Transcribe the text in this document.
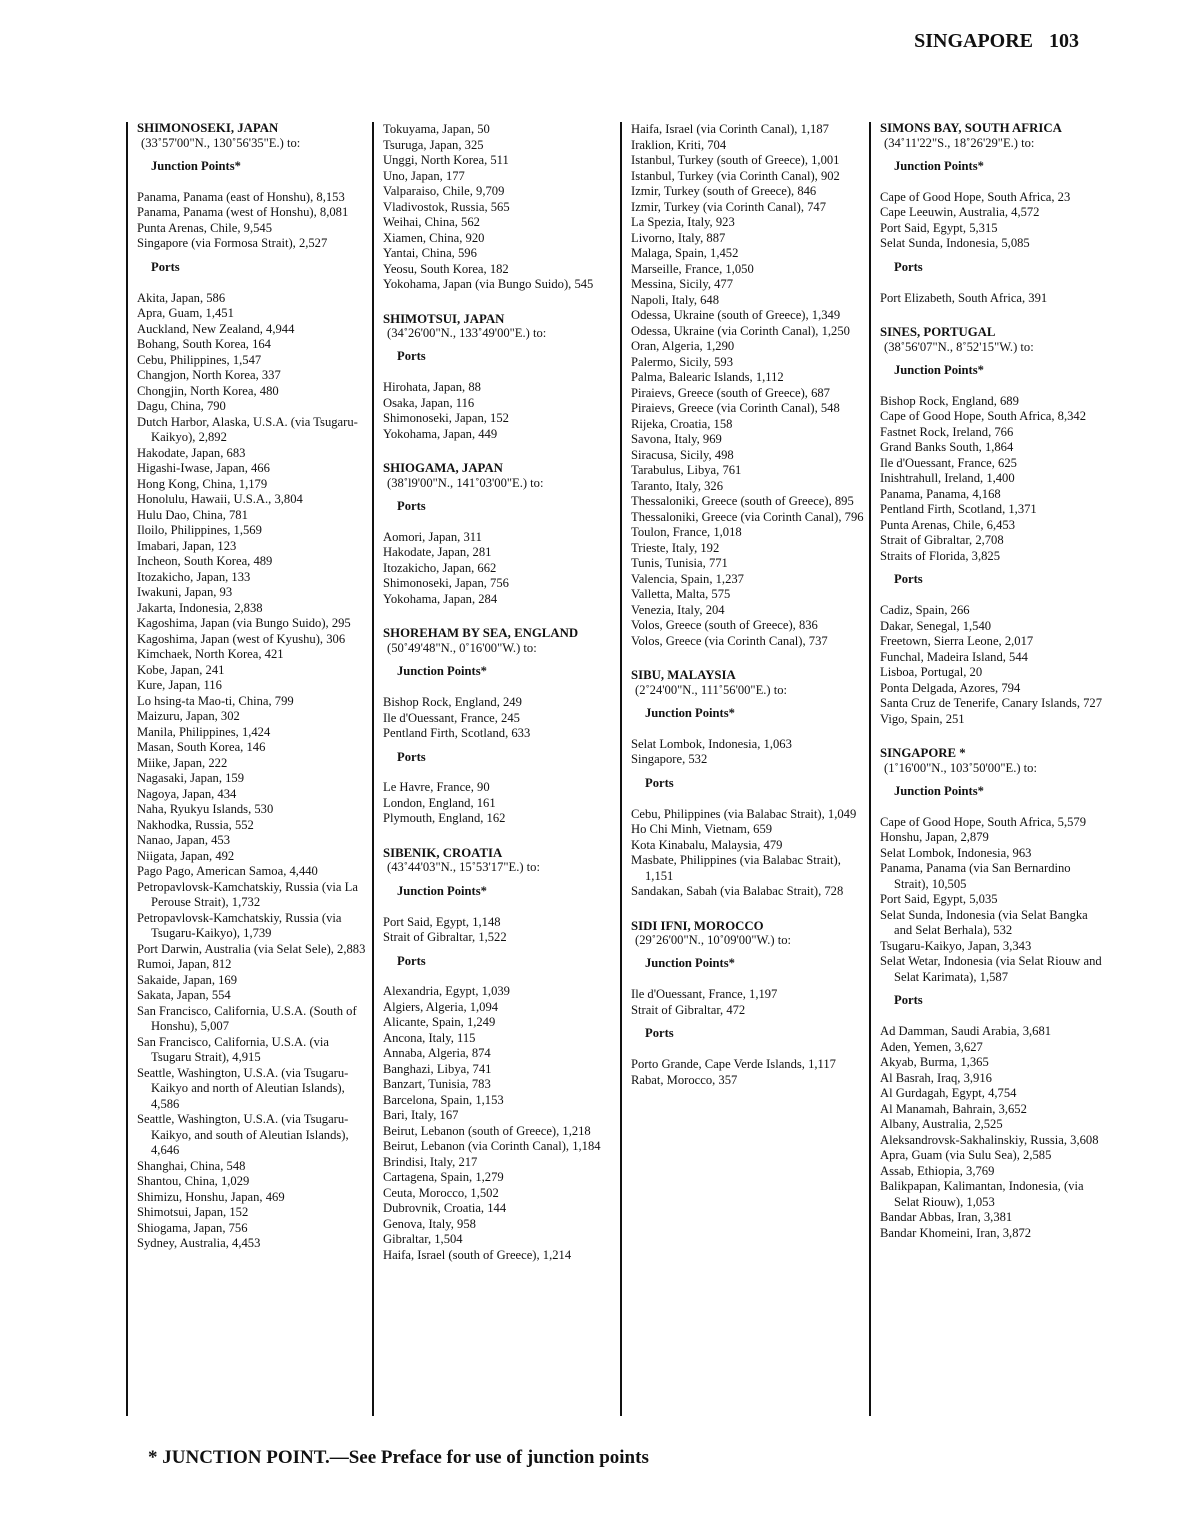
SINGAPORE 103
SHIMONOSEKI, JAPAN
(33˚57'00"N., 130˚56'35"E.) to:
Junction Points*
Panama, Panama (east of Honshu), 8,153
Panama, Panama (west of Honshu), 8,081
Punta Arenas, Chile, 9,545
Singapore (via Formosa Strait), 2,527
Ports
Akita, Japan, 586
Apra, Guam, 1,451
Auckland, New Zealand, 4,944
Bohang, South Korea, 164
Cebu, Philippines, 1,547
Changjon, North Korea, 337
Chongjin, North Korea, 480
Dagu, China, 790
Dutch Harbor, Alaska, U.S.A. (via Tsugaru-Kaikyo), 2,892
Hakodate, Japan, 683
Higashi-Iwase, Japan, 466
Hong Kong, China, 1,179
Honolulu, Hawaii, U.S.A., 3,804
Hulu Dao, China, 781
Iloilo, Philippines, 1,569
Imabari, Japan, 123
Incheon, South Korea, 489
Itozakicho, Japan, 133
Iwakuni, Japan, 93
Jakarta, Indonesia, 2,838
Kagoshima, Japan (via Bungo Suido), 295
Kagoshima, Japan (west of Kyushu), 306
Kimchaek, North Korea, 421
Kobe, Japan, 241
Kure, Japan, 116
Lo hsing-ta Mao-ti, China, 799
Maizuru, Japan, 302
Manila, Philippines, 1,424
Masan, South Korea, 146
Miike, Japan, 222
Nagasaki, Japan, 159
Nagoya, Japan, 434
Naha, Ryukyu Islands, 530
Nakhodka, Russia, 552
Nanao, Japan, 453
Niigata, Japan, 492
Pago Pago, American Samoa, 4,440
Petropavlovsk-Kamchatskiy, Russia (via La Perouse Strait), 1,732
Petropavlovsk-Kamchatskiy, Russia (via Tsugaru-Kaikyo), 1,739
Port Darwin, Australia (via Selat Sele), 2,883
Rumoi, Japan, 812
Sakaide, Japan, 169
Sakata, Japan, 554
San Francisco, California, U.S.A. (South of Honshu), 5,007
San Francisco, California, U.S.A. (via Tsugaru Strait), 4,915
Seattle, Washington, U.S.A. (via Tsugaru-Kaikyo and north of Aleutian Islands), 4,586
Seattle, Washington, U.S.A. (via Tsugaru-Kaikyo, and south of Aleutian Islands), 4,646
Shanghai, China, 548
Shantou, China, 1,029
Shimizu, Honshu, Japan, 469
Shimotsui, Japan, 152
Shiogama, Japan, 756
Sydney, Australia, 4,453
Tokuyama, Japan, 50
Tsuruga, Japan, 325
Unggi, North Korea, 511
Uno, Japan, 177
Valparaiso, Chile, 9,709
Vladivostok, Russia, 565
Weihai, China, 562
Xiamen, China, 920
Yantai, China, 596
Yeosu, South Korea, 182
Yokohama, Japan (via Bungo Suido), 545
SHIMOTSUI, JAPAN
(34˚26'00"N., 133˚49'00"E.) to:
Ports
Hirohata, Japan, 88
Osaka, Japan, 116
Shimonoseki, Japan, 152
Yokohama, Japan, 449
SHIOGAMA, JAPAN
(38˚l9'00"N., 141˚03'00"E.) to:
Ports
Aomori, Japan, 311
Hakodate, Japan, 281
Itozakicho, Japan, 662
Shimonoseki, Japan, 756
Yokohama, Japan, 284
SHOREHAM BY SEA, ENGLAND
(50˚49'48"N., 0˚16'00"W.) to:
Junction Points*
Bishop Rock, England, 249
Ile d'Ouessant, France, 245
Pentland Firth, Scotland, 633
Ports
Le Havre, France, 90
London, England, 161
Plymouth, England, 162
SIBENIK, CROATIA
(43˚44'03"N., 15˚53'17"E.) to:
Junction Points*
Port Said, Egypt, 1,148
Strait of Gibraltar, 1,522
Ports
Alexandria, Egypt, 1,039
Algiers, Algeria, 1,094
Alicante, Spain, 1,249
Ancona, Italy, 115
Annaba, Algeria, 874
Banghazi, Libya, 741
Banzart, Tunisia, 783
Barcelona, Spain, 1,153
Bari, Italy, 167
Beirut, Lebanon (south of Greece), 1,218
Beirut, Lebanon (via Corinth Canal), 1,184
Brindisi, Italy, 217
Cartagena, Spain, 1,279
Ceuta, Morocco, 1,502
Dubrovnik, Croatia, 144
Genova, Italy, 958
Gibraltar, 1,504
Haifa, Israel (south of Greece), 1,214
Haifa, Israel (via Corinth Canal), 1,187
Iraklion, Kriti, 704
Istanbul, Turkey (south of Greece), 1,001
Istanbul, Turkey (via Corinth Canal), 902
Izmir, Turkey (south of Greece), 846
Izmir, Turkey (via Corinth Canal), 747
La Spezia, Italy, 923
Livorno, Italy, 887
Malaga, Spain, 1,452
Marseille, France, 1,050
Messina, Sicily, 477
Napoli, Italy, 648
Odessa, Ukraine (south of Greece), 1,349
Odessa, Ukraine (via Corinth Canal), 1,250
Oran, Algeria, 1,290
Palermo, Sicily, 593
Palma, Balearic Islands, 1,112
Piraievs, Greece (south of Greece), 687
Piraievs, Greece (via Corinth Canal), 548
Rijeka, Croatia, 158
Savona, Italy, 969
Siracusa, Sicily, 498
Tarabulus, Libya, 761
Taranto, Italy, 326
Thessaloniki, Greece (south of Greece), 895
Thessaloniki, Greece (via Corinth Canal), 796
Toulon, France, 1,018
Trieste, Italy, 192
Tunis, Tunisia, 771
Valencia, Spain, 1,237
Valletta, Malta, 575
Venezia, Italy, 204
Volos, Greece (south of Greece), 836
Volos, Greece (via Corinth Canal), 737
SIBU, MALAYSIA
(2˚24'00"N., 111˚56'00"E.) to:
Junction Points*
Selat Lombok, Indonesia, 1,063
Singapore, 532
Ports
Cebu, Philippines (via Balabac Strait), 1,049
Ho Chi Minh, Vietnam, 659
Kota Kinabalu, Malaysia, 479
Masbate, Philippines (via Balabac Strait), 1,151
Sandakan, Sabah (via Balabac Strait), 728
SIDI IFNI, MOROCCO
(29˚26'00"N., 10˚09'00"W.) to:
Junction Points*
Ile d'Ouessant, France, 1,197
Strait of Gibraltar, 472
Ports
Porto Grande, Cape Verde Islands, 1,117
Rabat, Morocco, 357
SIMONS BAY, SOUTH AFRICA
(34˚11'22"S., 18˚26'29"E.) to:
Junction Points*
Cape of Good Hope, South Africa, 23
Cape Leeuwin, Australia, 4,572
Port Said, Egypt, 5,315
Selat Sunda, Indonesia, 5,085
Ports
Port Elizabeth, South Africa, 391
SINES, PORTUGAL
(38˚56'07"N., 8˚52'15"W.) to:
Junction Points*
Bishop Rock, England, 689
Cape of Good Hope, South Africa, 8,342
Fastnet Rock, Ireland, 766
Grand Banks South, 1,864
Ile d'Ouessant, France, 625
Inishtrahull, Ireland, 1,400
Panama, Panama, 4,168
Pentland Firth, Scotland, 1,371
Punta Arenas, Chile, 6,453
Strait of Gibraltar, 2,708
Straits of Florida, 3,825
Ports
Cadiz, Spain, 266
Dakar, Senegal, 1,540
Freetown, Sierra Leone, 2,017
Funchal, Madeira Island, 544
Lisboa, Portugal, 20
Ponta Delgada, Azores, 794
Santa Cruz de Tenerife, Canary Islands, 727
Vigo, Spain, 251
SINGAPORE *
(1˚16'00"N., 103˚50'00"E.) to:
Junction Points*
Cape of Good Hope, South Africa, 5,579
Honshu, Japan, 2,879
Selat Lombok, Indonesia, 963
Panama, Panama (via San Bernardino Strait), 10,505
Port Said, Egypt, 5,035
Selat Sunda, Indonesia (via Selat Bangka and Selat Berhala), 532
Tsugaru-Kaikyo, Japan, 3,343
Selat Wetar, Indonesia (via Selat Riouw and Selat Karimata), 1,587
Ports
Ad Damman, Saudi Arabia, 3,681
Aden, Yemen, 3,627
Akyab, Burma, 1,365
Al Basrah, Iraq, 3,916
Al Gurdagah, Egypt, 4,754
Al Manamah, Bahrain, 3,652
Albany, Australia, 2,525
Aleksandrovsk-Sakhalinskiy, Russia, 3,608
Apra, Guam (via Sulu Sea), 2,585
Assab, Ethiopia, 3,769
Balikpapan, Kalimantan, Indonesia, (via Selat Riouw), 1,053
Bandar Abbas, Iran, 3,381
Bandar Khomeini, Iran, 3,872
* JUNCTION POINT.—See Preface for use of junction points
